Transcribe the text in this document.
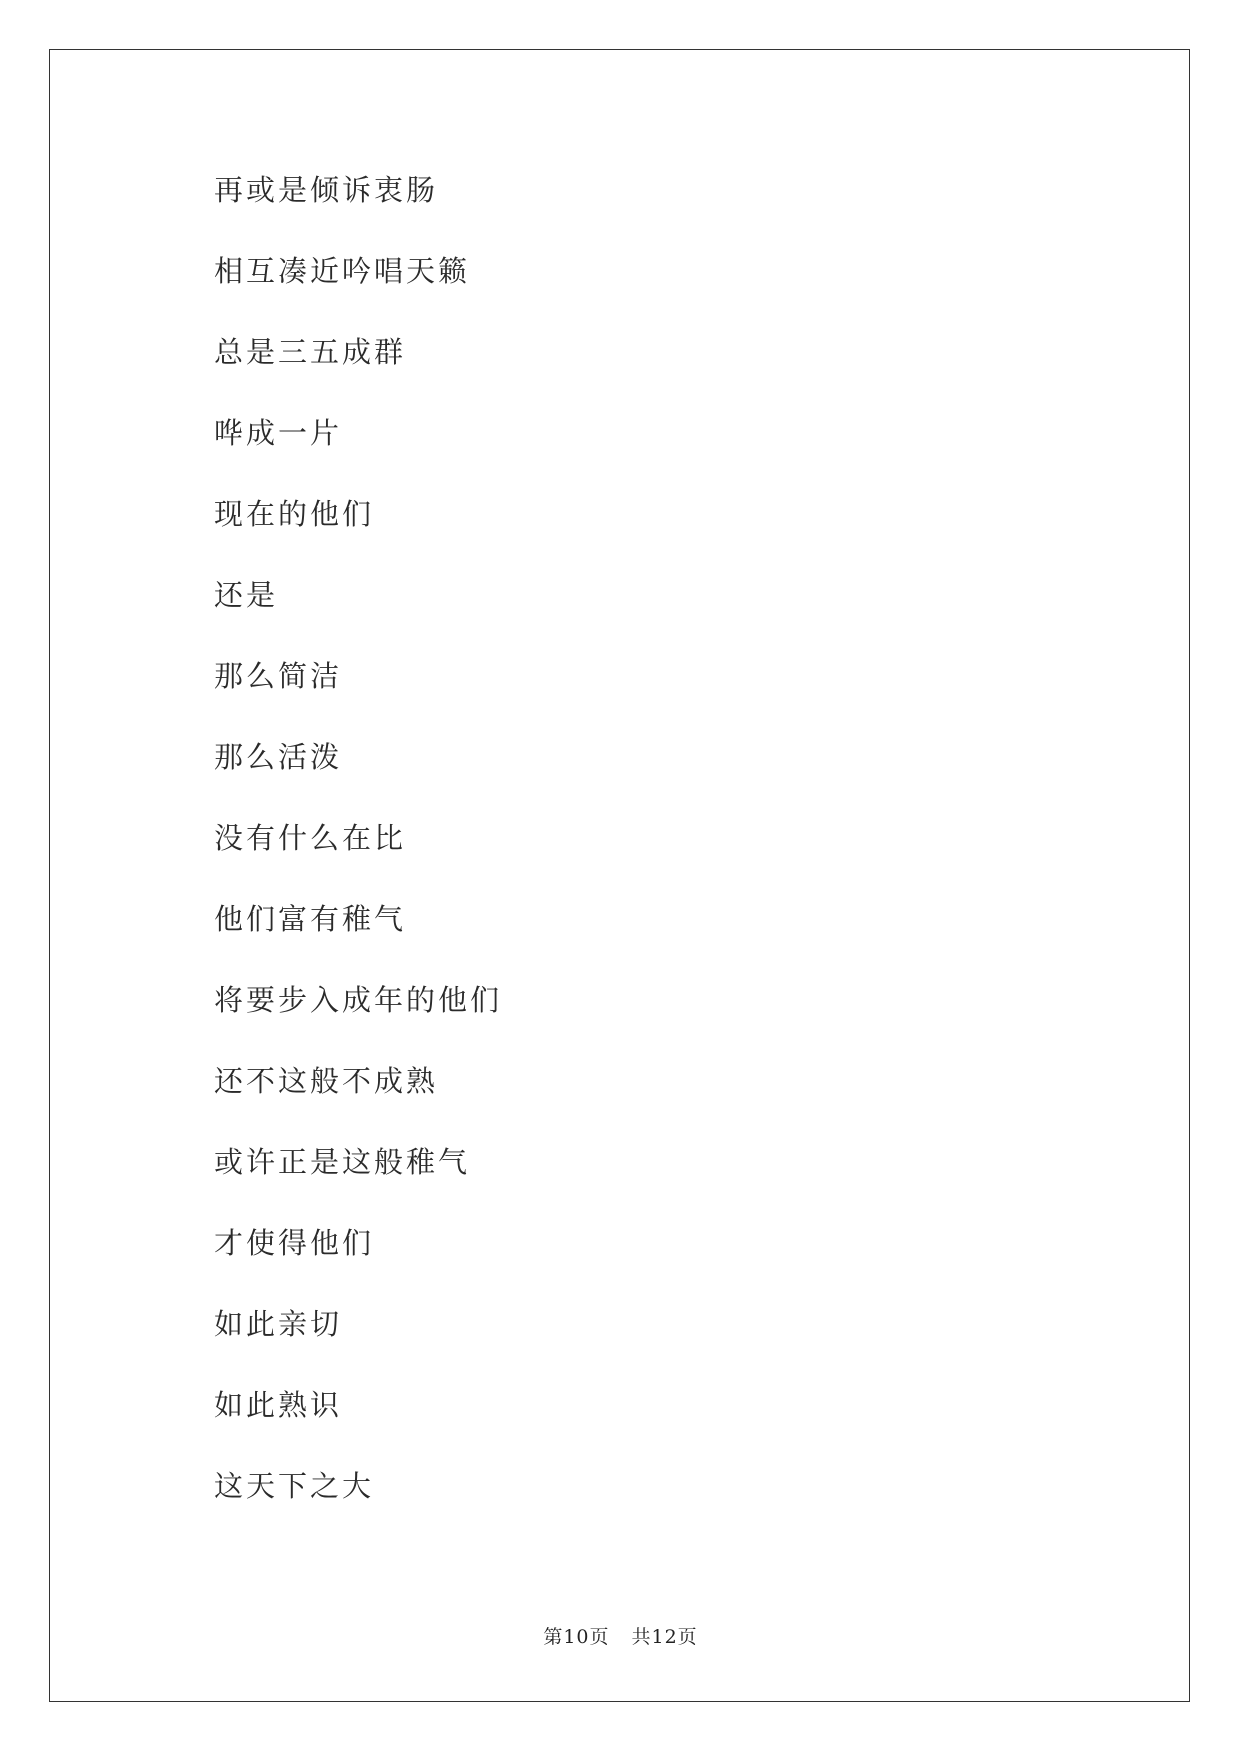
再或是倾诉衷肠
相互凑近吟唱天籁
总是三五成群
哗成一片
现在的他们
还是
那么简洁
那么活泼
没有什么在比
他们富有稚气
将要步入成年的他们
还不这般不成熟
或许正是这般稚气
才使得他们
如此亲切
如此熟识
这天下之大
第10页 共12页
